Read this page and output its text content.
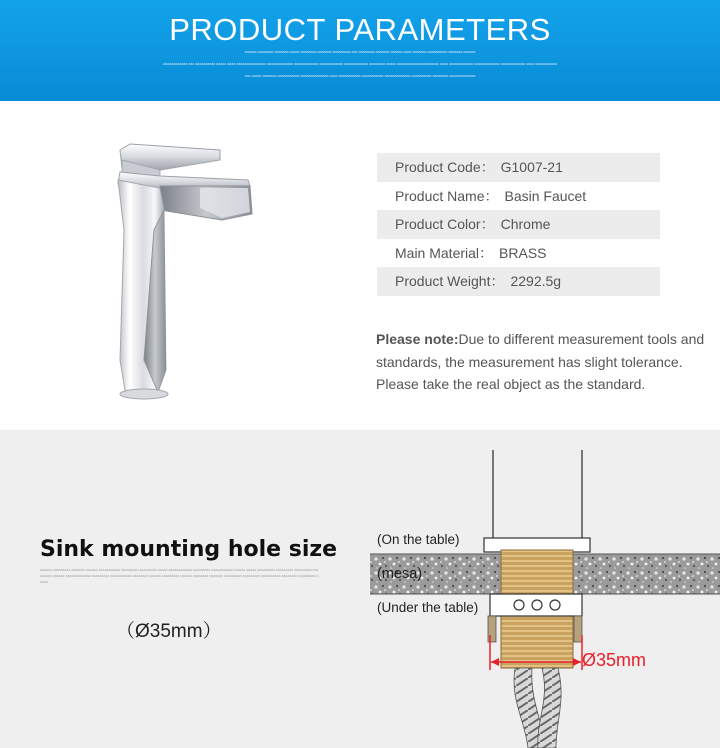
PRODUCT PARAMETERS
aaaaaa aaaaaaaa aaaaaaa aaaaa aaaaaaaa aaaaaaa aaaaaaaaa aaa aaaaaaaa aaaaaaa aaaaaa aaaa aaaaaaa aaaaaaaaaa aaaaaaa aaaaaa
aaaaaaaaaaaa aaa aaaaaaaaaa aaaaa aaaa aaaaaaaaaaaaaaa aaaaaaaaaaaaa aaaaaaaaaaaa aaaaaaaaaaaa aaaaaaaaaaaa aaaaaaaa aaaaa aaaaaaaaaaaaaaaaaaaaa aaaa aaaaaaaaaaaa aaaaaaaaaaaaa aaaaaaaaaaaa aaaa aaaaaaaaaaa
aaa aaaaa aaaaaaa aaaaaaaaaaa aaaaaaaaaaaaaa aaaa aaaaaaaaaaa aaaaaaaaaaa aaaaaaaaaaaaa aaaaaaaaaa aaaaaaaa aaaaaaaaaaaaa
Product Code： G1007-21
Product Name： Basin Faucet
Product Color： Chrome
Main Material： BRASS
Product Weight： 2292.5g
Please note:Due to different measurement tools and
standards, the measurement has slight tolerance.
Please take the real object as the standard.
Sink mounting hole size
aaaaaa aaaaaaaaa aaaaaaa aaaaaa aaaaaaaaaaa aaaaaaaaa aaaaaaaaa aaaaa aaaaaaaaaaaa aaaaaaaaa aaaaaaaaaaa aaaaaa aaaaa aaaaaaaaa aaaaaaaaa aaaaaaaaa aaaaaaaaa aaaaaa aaaaaaaaaaaaa aaaaaaaaa aaaaaaaaaaa aaaaaaaa aaaaaa aaaaaaaaa aaaaaa aaaaaaaa aaaaaaa aaaaaaaaa aaaaaaaaa aaaaaaaaaa aaaaaaaa aaaaaaaaa aaaaa
（Ø35mm）
(On the table)
(mesa)
(Under the table)
Ø35mm
